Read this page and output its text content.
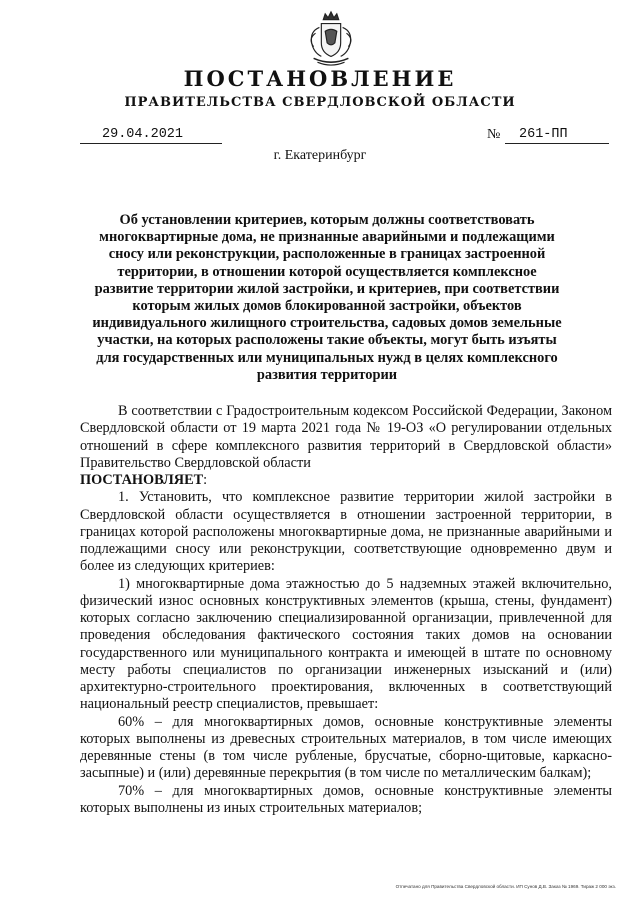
ПОСТАНОВЛЕНИЕ
ПРАВИТЕЛЬСТВА СВЕРДЛОВСКОЙ ОБЛАСТИ
29.04.2021	№	261-ПП
г. Екатеринбург
Об установлении критериев, которым должны соответствовать многоквартирные дома, не признанные аварийными и подлежащими сносу или реконструкции, расположенные в границах застроенной территории, в отношении которой осуществляется комплексное развитие территории жилой застройки, и критериев, при соответствии которым жилых домов блокированной застройки, объектов индивидуального жилищного строительства, садовых домов земельные участки, на которых расположены такие объекты, могут быть изъяты для государственных или муниципальных нужд в целях комплексного развития территории

В соответствии с Градостроительным кодексом Российской Федерации, Законом Свердловской области от 19 марта 2021 года № 19-ОЗ «О регулировании отдельных отношений в сфере комплексного развития территорий в Свердловской области» Правительство Свердловской области

ПОСТАНОВЛЯЕТ:

1. Установить, что комплексное развитие территории жилой застройки в Свердловской области осуществляется в отношении застроенной территории, в границах которой расположены многоквартирные дома, не признанные аварийными и подлежащими сносу или реконструкции, соответствующие одновременно двум и более из следующих критериев:

1) многоквартирные дома этажностью до 5 надземных этажей включительно, физический износ основных конструктивных элементов (крыша, стены, фундамент) которых согласно заключению специализированной организации, привлеченной для проведения обследования фактического состояния таких домов на основании государственного или муниципального контракта и имеющей в штате по основному месту работы специалистов по организации инженерных изысканий и (или) архитектурно-строительного проектирования, включенных в соответствующий национальный реестр специалистов, превышает:

60% – для многоквартирных домов, основные конструктивные элементы которых выполнены из древесных строительных материалов, в том числе имеющих деревянные стены (в том числе рубленые, брусчатые, сборно-щитовые, каркасно-засыпные) и (или) деревянные перекрытия (в том числе по металлическим балкам);

70% – для многоквартирных домов, основные конструктивные элементы которых выполнены из иных строительных материалов;

Отпечатано для Правительства Свердловской области. ИП Сунов Д.В. Заказ № 1969. Тираж 2 000 экз.
